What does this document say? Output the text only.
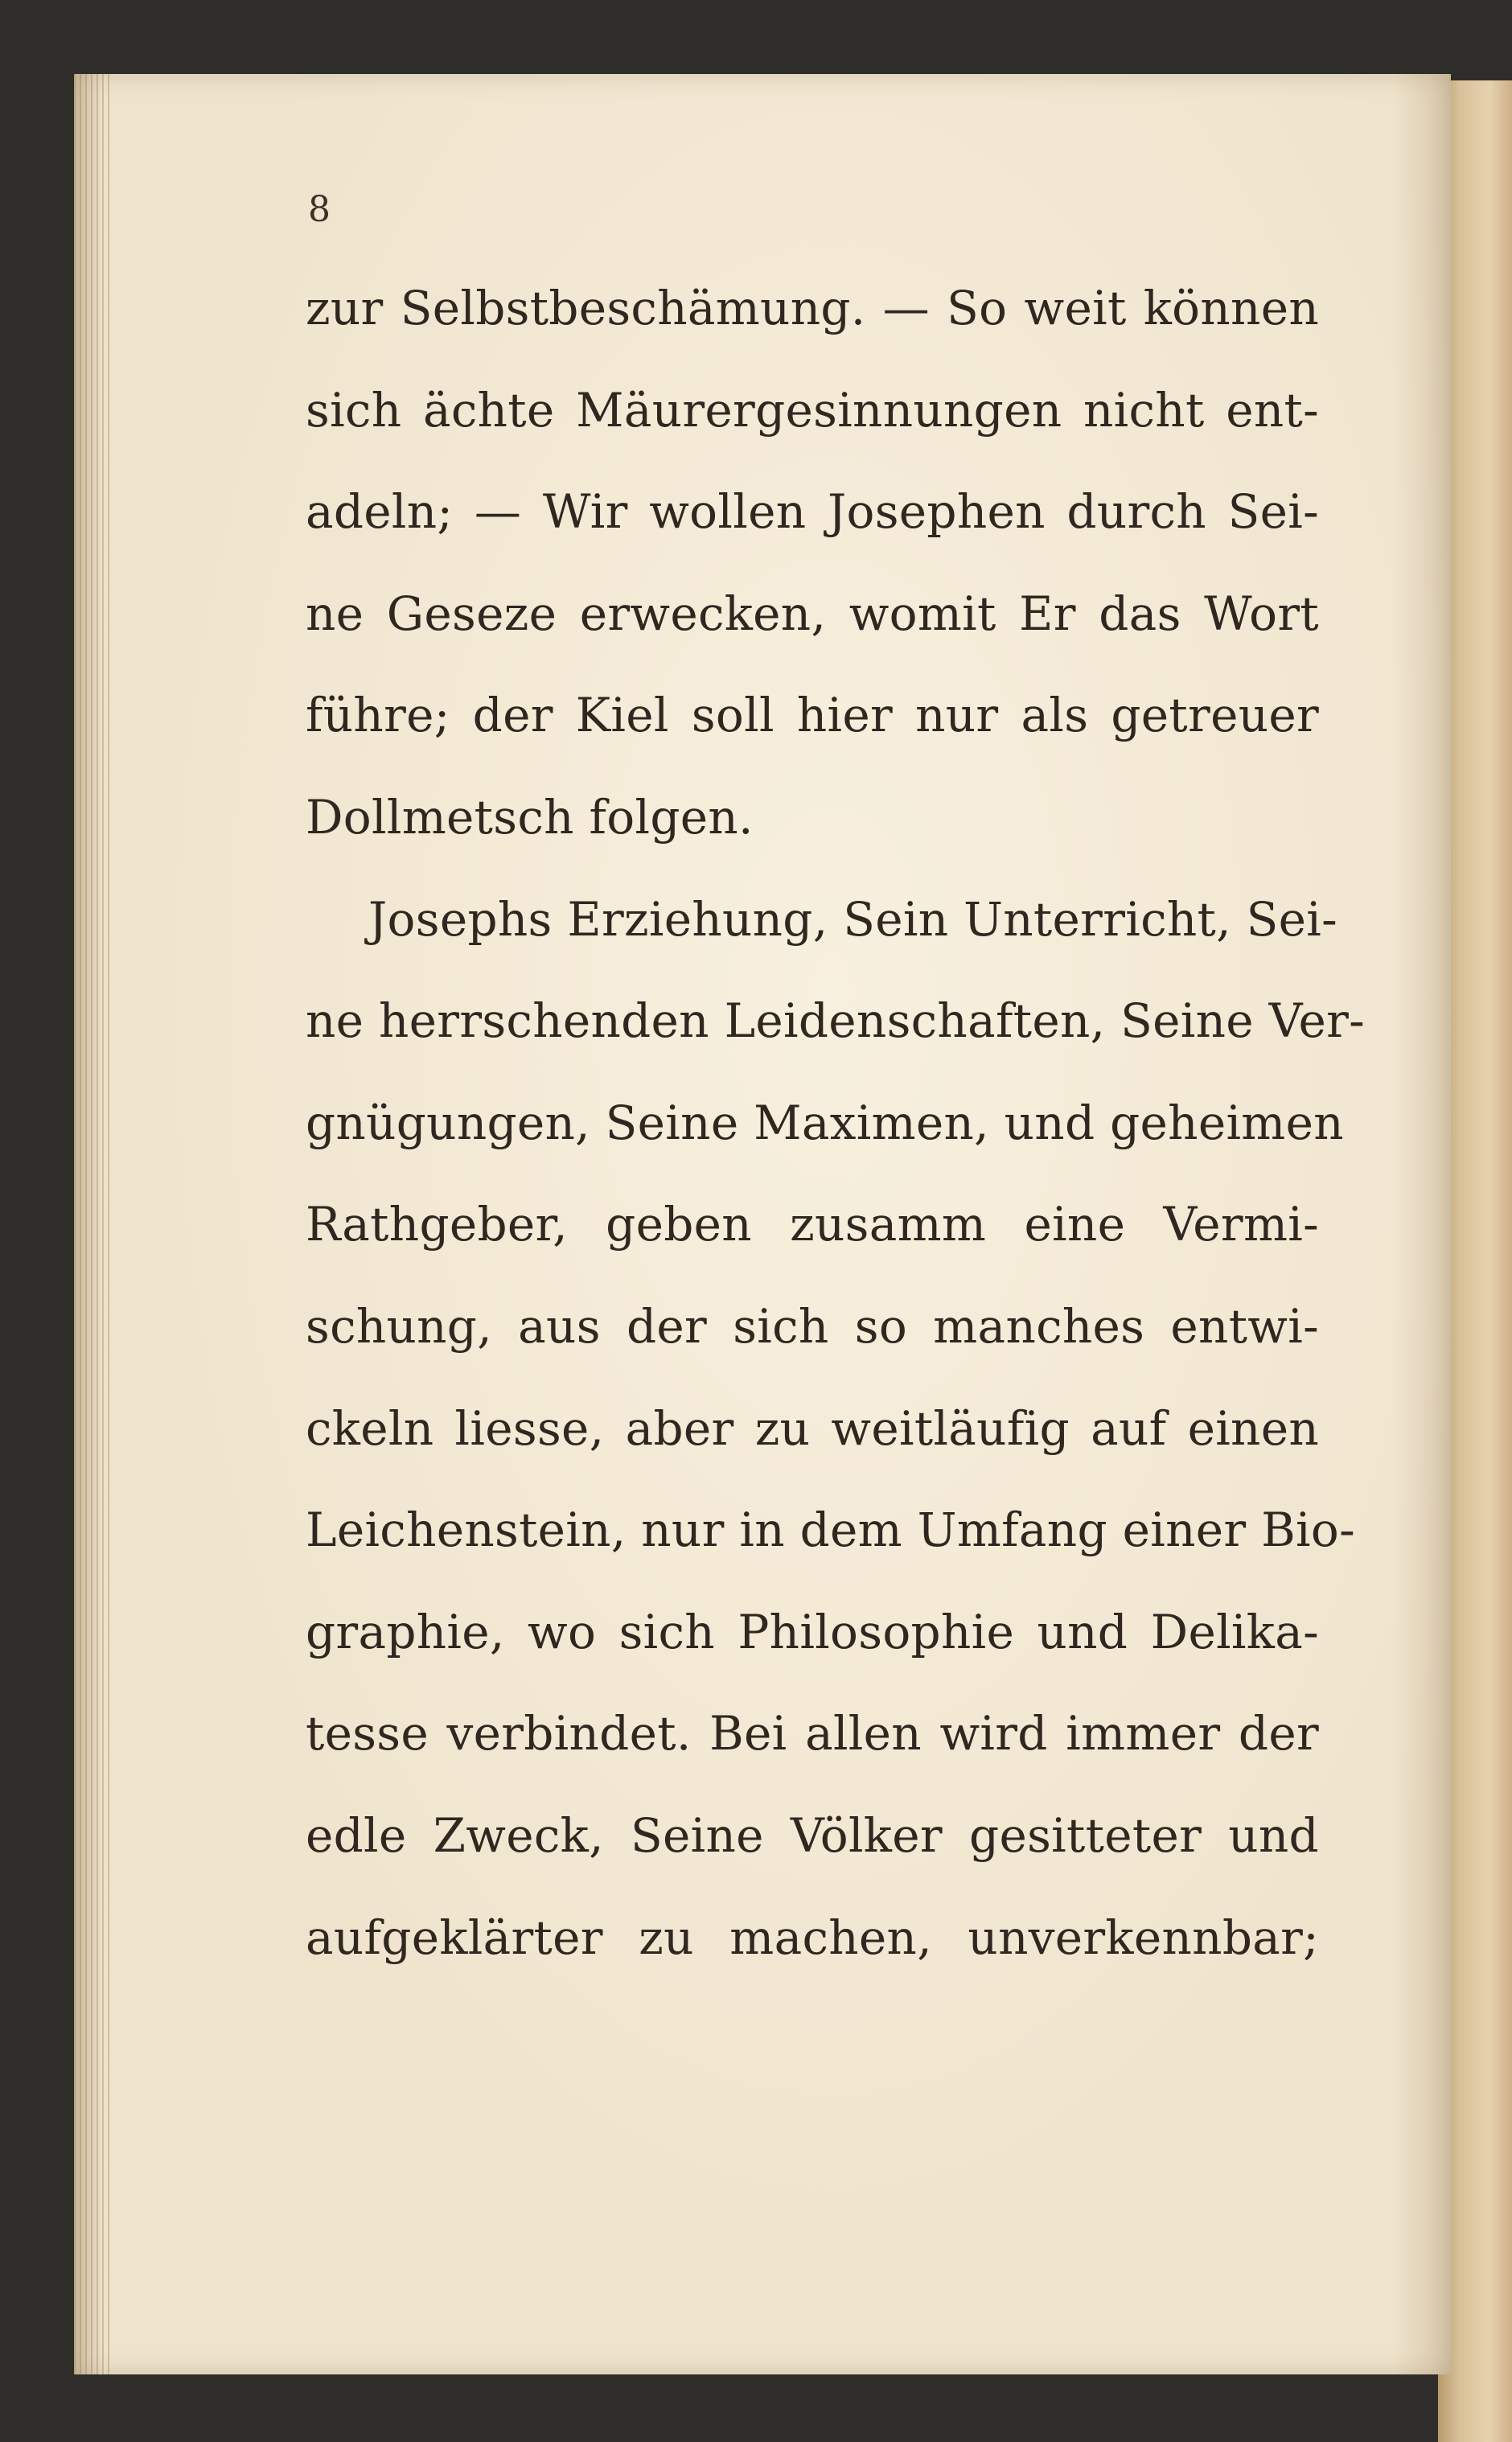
8
zur Selbstbeschämung. — So weit können
sich ächte Mäurergesinnungen nicht ent-
adeln; — Wir wollen Josephen durch Sei-
ne Geseze erwecken, womit Er das Wort
führe; der Kiel soll hier nur als getreuer
Dollmetsch folgen.
Josephs Erziehung, Sein Unterricht, Sei-
ne herrschenden Leidenschaften, Seine Ver-
gnügungen, Seine Maximen, und geheimen
Rathgeber, geben zusamm eine Vermi-
schung, aus der sich so manches entwi-
ckeln liesse, aber zu weitläufig auf einen
Leichenstein, nur in dem Umfang einer Bio-
graphie, wo sich Philosophie und Delika-
tesse verbindet. Bei allen wird immer der
edle Zweck, Seine Völker gesitteter und
aufgeklärter zu machen, unverkennbar;
